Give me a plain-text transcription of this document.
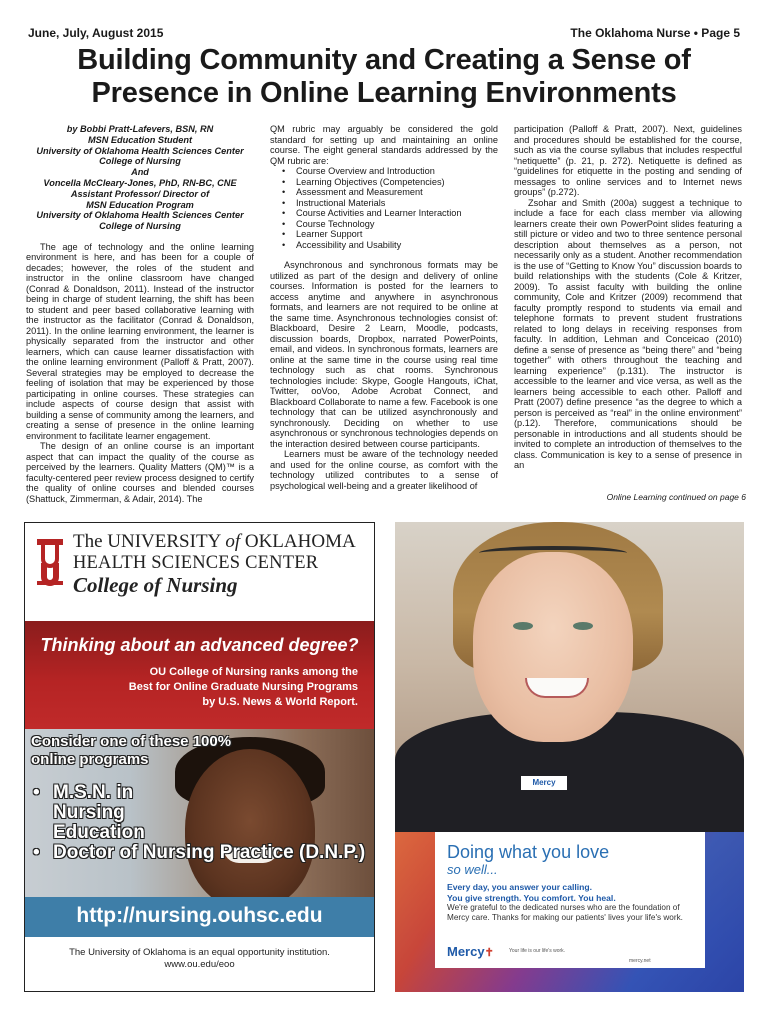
June, July, August 2015	The Oklahoma Nurse • Page 5
Building Community and Creating a Sense of Presence in Online Learning Environments
by Bobbi Pratt-Lafevers, BSN, RN
MSN Education Student
University of Oklahoma Health Sciences Center
College of Nursing
And
Voncella McCleary-Jones, PhD, RN-BC, CNE
Assistant Professor/ Director of
MSN Education Program
University of Oklahoma Health Sciences Center
College of Nursing

The age of technology and the online learning environment is here, and has been for a couple of decades; however, the roles of the student and instructor in the online classroom have changed (Conrad & Donaldson, 2011). Instead of the instructor being in charge of student learning, the shift has been to student and peer based collaborative learning with the instructor as the facilitator (Conrad & Donaldson, 2011). In the online learning environment, the learner is physically separated from the instructor and other learners, which can cause learner dissatisfaction with the online learning environment (Palloff & Pratt, 2007). Several strategies may be employed to decrease the feeling of isolation that may be experienced by those participating in online courses. These strategies can include aspects of course design that assist with building a sense of community among the learners, and creating a sense of presence in the online learning environment to facilitate learner engagement.

The design of an online course is an important aspect that can impact the quality of the course as perceived by the learners. Quality Matters (QM)™ is a faculty-centered peer review process designed to certify the quality of online courses and blended courses (Shattuck, Zimmerman, & Adair, 2014). The

QM rubric may arguably be considered the gold standard for setting up and maintaining an online course. The eight general standards addressed by the QM rubric are:

• Course Overview and Introduction
• Learning Objectives (Competencies)
• Assessment and Measurement
• Instructional Materials
• Course Activities and Learner Interaction
• Course Technology
• Learner Support
• Accessibility and Usability

Asynchronous and synchronous formats may be utilized as part of the design and delivery of online courses. Information is posted for the learners to access anytime and anywhere in asynchronous formats, and learners are not required to be online at the same time. Asynchronous technologies consist of: Blackboard, Desire 2 Learn, Moodle, podcasts, discussion boards, Dropbox, narrated PowerPoints, email, and videos. In synchronous formats, learners are online at the same time in the course using real time technology such as chat rooms. Synchronous technologies include: Skype, Google Hangouts, iChat, Twitter, ooVoo, Adobe Acrobat Connect, and Blackboard Collaborate to name a few. Facebook is one technology that can be utilized asynchronously and synchronously. Deciding on whether to use asynchronous or synchronous technologies depends on the interaction desired between course participants.

Learners must be aware of the technology needed and used for the online course, as comfort with the technology utilized contributes to a sense of psychological well-being and a greater likelihood of

participation (Palloff & Pratt, 2007). Next, guidelines and procedures should be established for the course, such as via the course syllabus that includes respectful “netiquette” (p. 21, p. 272). Netiquette is defined as “guidelines for etiquette in the posting and sending of messages to online services and to Internet news groups” (p.272).

Zsohar and Smith (200a) suggest a technique to include a face for each class member via allowing learners create their own PowerPoint slides featuring a still picture or video and two to three sentence personal description about themselves as a person, not necessarily only as a student. Another recommendation is the use of “Getting to Know You” discussion boards to build relationships with the students (Cole & Kritzer, 2009). To assist faculty with building the online community, Cole and Kritzer (2009) recommend that faculty promptly respond to students via email and telephone formats to prevent student frustrations related to long delays in receiving responses from faculty. In addition, Lehman and Conceicao (2010) define a sense of presence as “being there” and “being together” with others throughout the teaching and learning experience” (p.131). The instructor is accessible to the learner and vice versa, as well as the learners being accessible to each other. Palloff and Pratt (2007) define presence “as the degree to which a person is perceived as “real” in the online environment” (p.12). Therefore, communications should be personable in introductions and all students should be invited to complete an introduction of themselves to the class. Communication is key to a sense of presence in an

Online Learning continued on page 6
The UNIVERSITY of OKLAHOMA
HEALTH SCIENCES CENTER
College of Nursing
Thinking about an advanced degree?
OU College of Nursing ranks among the
Best for Online Graduate Nursing Programs
by U.S. News & World Report.
Consider one of these 100%
online programs
• M.S.N. in Nursing Education
• Doctor of Nursing Practice (D.N.P.)
http://nursing.ouhsc.edu
The University of Oklahoma is an equal opportunity institution.
www.ou.edu/eoo
Mercy
Doing what you love
so well...
Every day, you answer your calling.
You give strength. You comfort. You heal.
We're grateful to the dedicated nurses who are the foundation of Mercy care. Thanks for making our patients' lives your life's work.
Mercy✝	Your life is our life's work.
mercy.net
